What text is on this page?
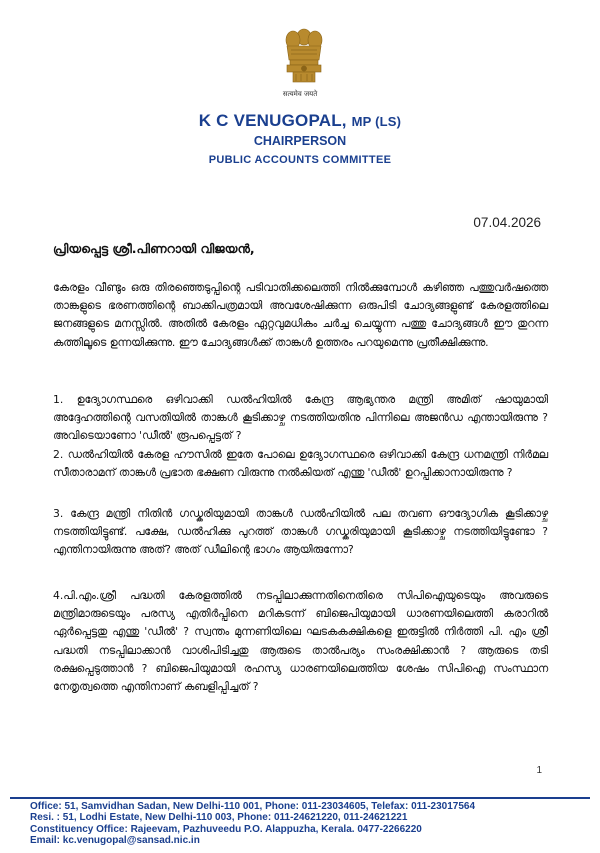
सत्यमेव जयते
K C VENUGOPAL, MP (LS)
CHAIRPERSON
PUBLIC ACCOUNTS COMMITTEE
07.04.2026
പ്രിയപ്പെട്ട ശ്രീ.പിണറായി വിജയൻ,

കേരളം വീണ്ടും ഒരു തിരഞ്ഞെടുപ്പിന്റെ പടിവാതിക്കലെത്തി നിൽക്കുമ്പോൾ കഴിഞ്ഞ പത്തുവർഷത്തെ താങ്കളുടെ ഭരണത്തിന്റെ ബാക്കിപത്രമായി അവശേഷിക്കുന്ന ഒരുപിടി ചോദ്യങ്ങളുണ്ട് കേരളത്തിലെ ജനങ്ങളുടെ മനസ്സിൽ. അതിൽ കേരളം ഏറ്റവുമധികം ചർച്ച ചെയ്യുന്ന പത്തു ചോദ്യങ്ങൾ ഈ തുറന്ന കത്തിലൂടെ ഉന്നയിക്കുന്നു. ഈ ചോദ്യങ്ങൾക്ക് താങ്കൾ ഉത്തരം പറയുമെന്നു പ്രതീക്ഷിക്കുന്നു.

1. ഉദ്യോഗസ്ഥരെ ഒഴിവാക്കി ഡൽഹിയിൽ കേന്ദ്ര ആഭ്യന്തര മന്ത്രി അമിത് ഷായുമായി അദ്ദേഹത്തിന്റെ വസതിയിൽ താങ്കൾ കൂടിക്കാഴ്ച നടത്തിയതിനു പിന്നിലെ അജൻഡ എന്തായിരുന്നു ? അവിടെയാണോ 'ഡീൽ' രൂപപ്പെട്ടത് ?
2. ഡൽഹിയിൽ കേരള ഹൗസിൽ ഇതേ പോലെ ഉദ്യോഗസ്ഥരെ ഒഴിവാക്കി കേന്ദ്ര ധനമന്ത്രി നിർമല സീതാരാമന് താങ്കൾ പ്രഭാത ഭക്ഷണ വിരുന്നു നൽകിയത് എന്തു 'ഡീൽ' ഉറപ്പിക്കാനായിരുന്നു ?

3. കേന്ദ്ര മന്ത്രി നിതിൻ ഗഡ്കരിയുമായി താങ്കൾ ഡൽഹിയിൽ പല തവണ ഔദ്യോഗിക കൂടിക്കാഴ്ച നടത്തിയിട്ടുണ്ട്. പക്ഷേ, ഡൽഹിക്കു പുറത്ത് താങ്കൾ ഗഡ്കരിയുമായി കൂടിക്കാഴ്ച നടത്തിയിട്ടുണ്ടോ ? എന്തിനായിരുന്നു അത്? അത് ഡീലിന്റെ ഭാഗം ആയിരുന്നോ?

4.പി.എം.ശ്രീ പദ്ധതി കേരളത്തിൽ നടപ്പിലാക്കുന്നതിനെതിരെ സിപിഐയുടെയും അവരുടെ മന്ത്രിമാരുടെയും പരസ്യ എതിർപ്പിനെ മറികടന്ന് ബിജെപിയുമായി ധാരണയിലെത്തി കരാറിൽ ഏർപ്പെട്ടതു എന്തു 'ഡീൽ' ? സ്വന്തം മുന്നണിയിലെ ഘടകകക്ഷികളെ ഇരുട്ടിൽ നിർത്തി പി. എം ശ്രീ പദ്ധതി നടപ്പിലാക്കാൻ വാശിപിടിച്ചതു ആരുടെ താൽപര്യം സംരക്ഷിക്കാൻ ? ആരുടെ തടി രക്ഷപ്പെടുത്താൻ ? ബിജെപിയുമായി രഹസ്യ ധാരണയിലെത്തിയ ശേഷം സിപിഐ സംസ്ഥാന നേതൃത്വത്തെ എന്തിനാണ് കബളിപ്പിച്ചത് ?

1
Office: 51, Samvidhan Sadan, New Delhi-110 001, Phone: 011-23034605, Telefax: 011-23017564
Resi. : 51, Lodhi Estate, New Delhi-110 003, Phone: 011-24621220, 011-24621221
Constituency Office: Rajeevam, Pazhuveedu P.O. Alappuzha, Kerala. 0477-2266220
Email: kc.venugopal@sansad.nic.in
